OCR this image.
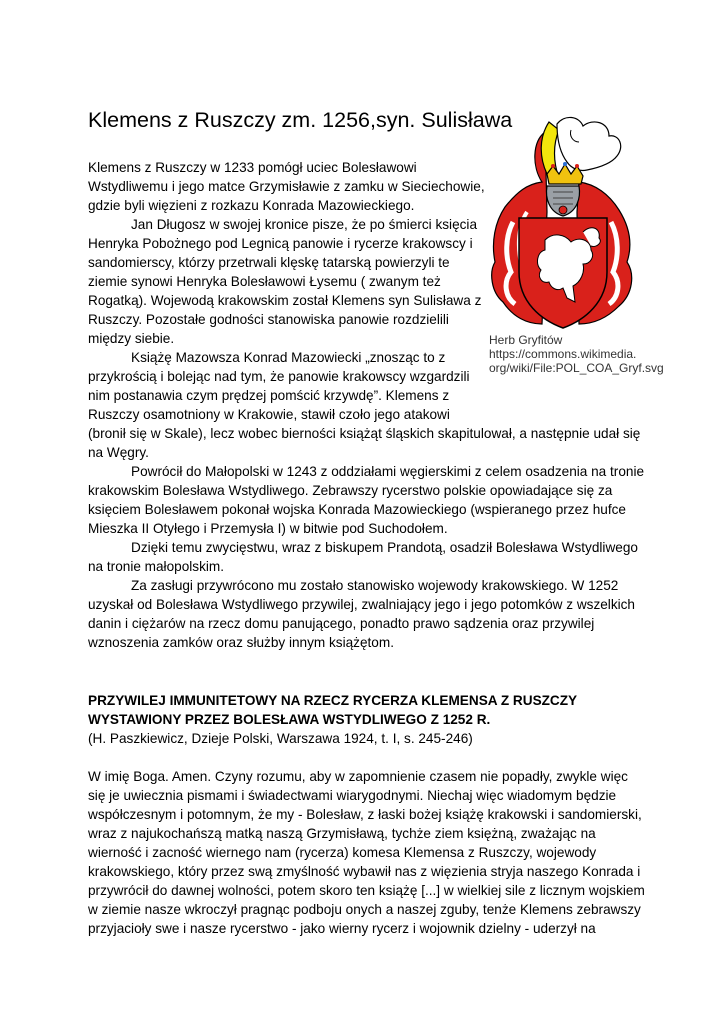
Klemens z Ruszczy zm. 1256,syn. Sulisława
Herb Gryfitów
https://commons.wikimedia.
org/wiki/File:POL_COA_Gryf.svg
Klemens z Ruszczy w 1233 pomógł uciec Bolesławowi
Wstydliwemu i jego matce Grzymisławie z zamku w Sieciechowie,
gdzie byli więzieni z rozkazu Konrada Mazowieckiego.
Jan Długosz w swojej kronice pisze, że po śmierci księcia
Henryka Pobożnego pod Legnicą panowie i rycerze krakowscy i
sandomierscy, którzy przetrwali klęskę tatarską powierzyli te
ziemie synowi Henryka Bolesławowi Łysemu ( zwanym też
Rogatką). Wojewodą krakowskim został Klemens syn Sulisława z
Ruszczy. Pozostałe godności stanowiska panowie rozdzielili
między siebie.
Książę Mazowsza Konrad Mazowiecki „znosząc to z
przykrością i bolejąc nad tym, że panowie krakowscy wzgardzili
nim postanawia czym prędzej pomścić krzywdę”. Klemens z
Ruszczy osamotniony w Krakowie, stawił czoło jego atakowi
(bronił się w Skale), lecz wobec bierności książąt śląskich skapitulował, a następnie udał się
na Węgry.
Powrócił do Małopolski w 1243 z oddziałami węgierskimi z celem osadzenia na tronie
krakowskim Bolesława Wstydliwego. Zebrawszy rycerstwo polskie opowiadające się za
księciem Bolesławem pokonał wojska Konrada Mazowieckiego (wspieranego przez hufce
Mieszka II Otyłego i Przemysła I) w bitwie pod Suchodołem.
Dzięki temu zwycięstwu, wraz z biskupem Prandotą, osadził Bolesława Wstydliwego
na tronie małopolskim.
Za zasługi przywrócono mu zostało stanowisko wojewody krakowskiego. W 1252
uzyskał od Bolesława Wstydliwego przywilej, zwalniający jego i jego potomków z wszelkich
danin i ciężarów na rzecz domu panującego, ponadto prawo sądzenia oraz przywilej
wznoszenia zamków oraz służby innym książętom.
PRZYWILEJ IMMUNITETOWY NA RZECZ RYCERZA KLEMENSA Z RUSZCZY
WYSTAWIONY PRZEZ BOLESŁAWA WSTYDLIWEGO Z 1252 R.
(H. Paszkiewicz, Dzieje Polski, Warszawa 1924, t. I, s. 245-246)
W imię Boga. Amen. Czyny rozumu, aby w zapomnienie czasem nie popadły, zwykle więc
się je uwiecznia pismami i świadectwami wiarygodnymi. Niechaj więc wiadomym będzie
współczesnym i potomnym, że my - Bolesław, z łaski bożej książę krakowski i sandomierski,
wraz z najukochańszą matką naszą Grzymisławą, tychże ziem księżną, zważając na
wierność i zacność wiernego nam (rycerza) komesa Klemensa z Ruszczy, wojewody
krakowskiego, który przez swą zmyślność wybawił nas z więzienia stryja naszego Konrada i
przywrócił do dawnej wolności, potem skoro ten książę [...] w wielkiej sile z licznym wojskiem
w ziemie nasze wkroczył pragnąc podboju onych a naszej zguby, tenże Klemens zebrawszy
przyjacioły swe i nasze rycerstwo - jako wierny rycerz i wojownik dzielny - uderzył na
